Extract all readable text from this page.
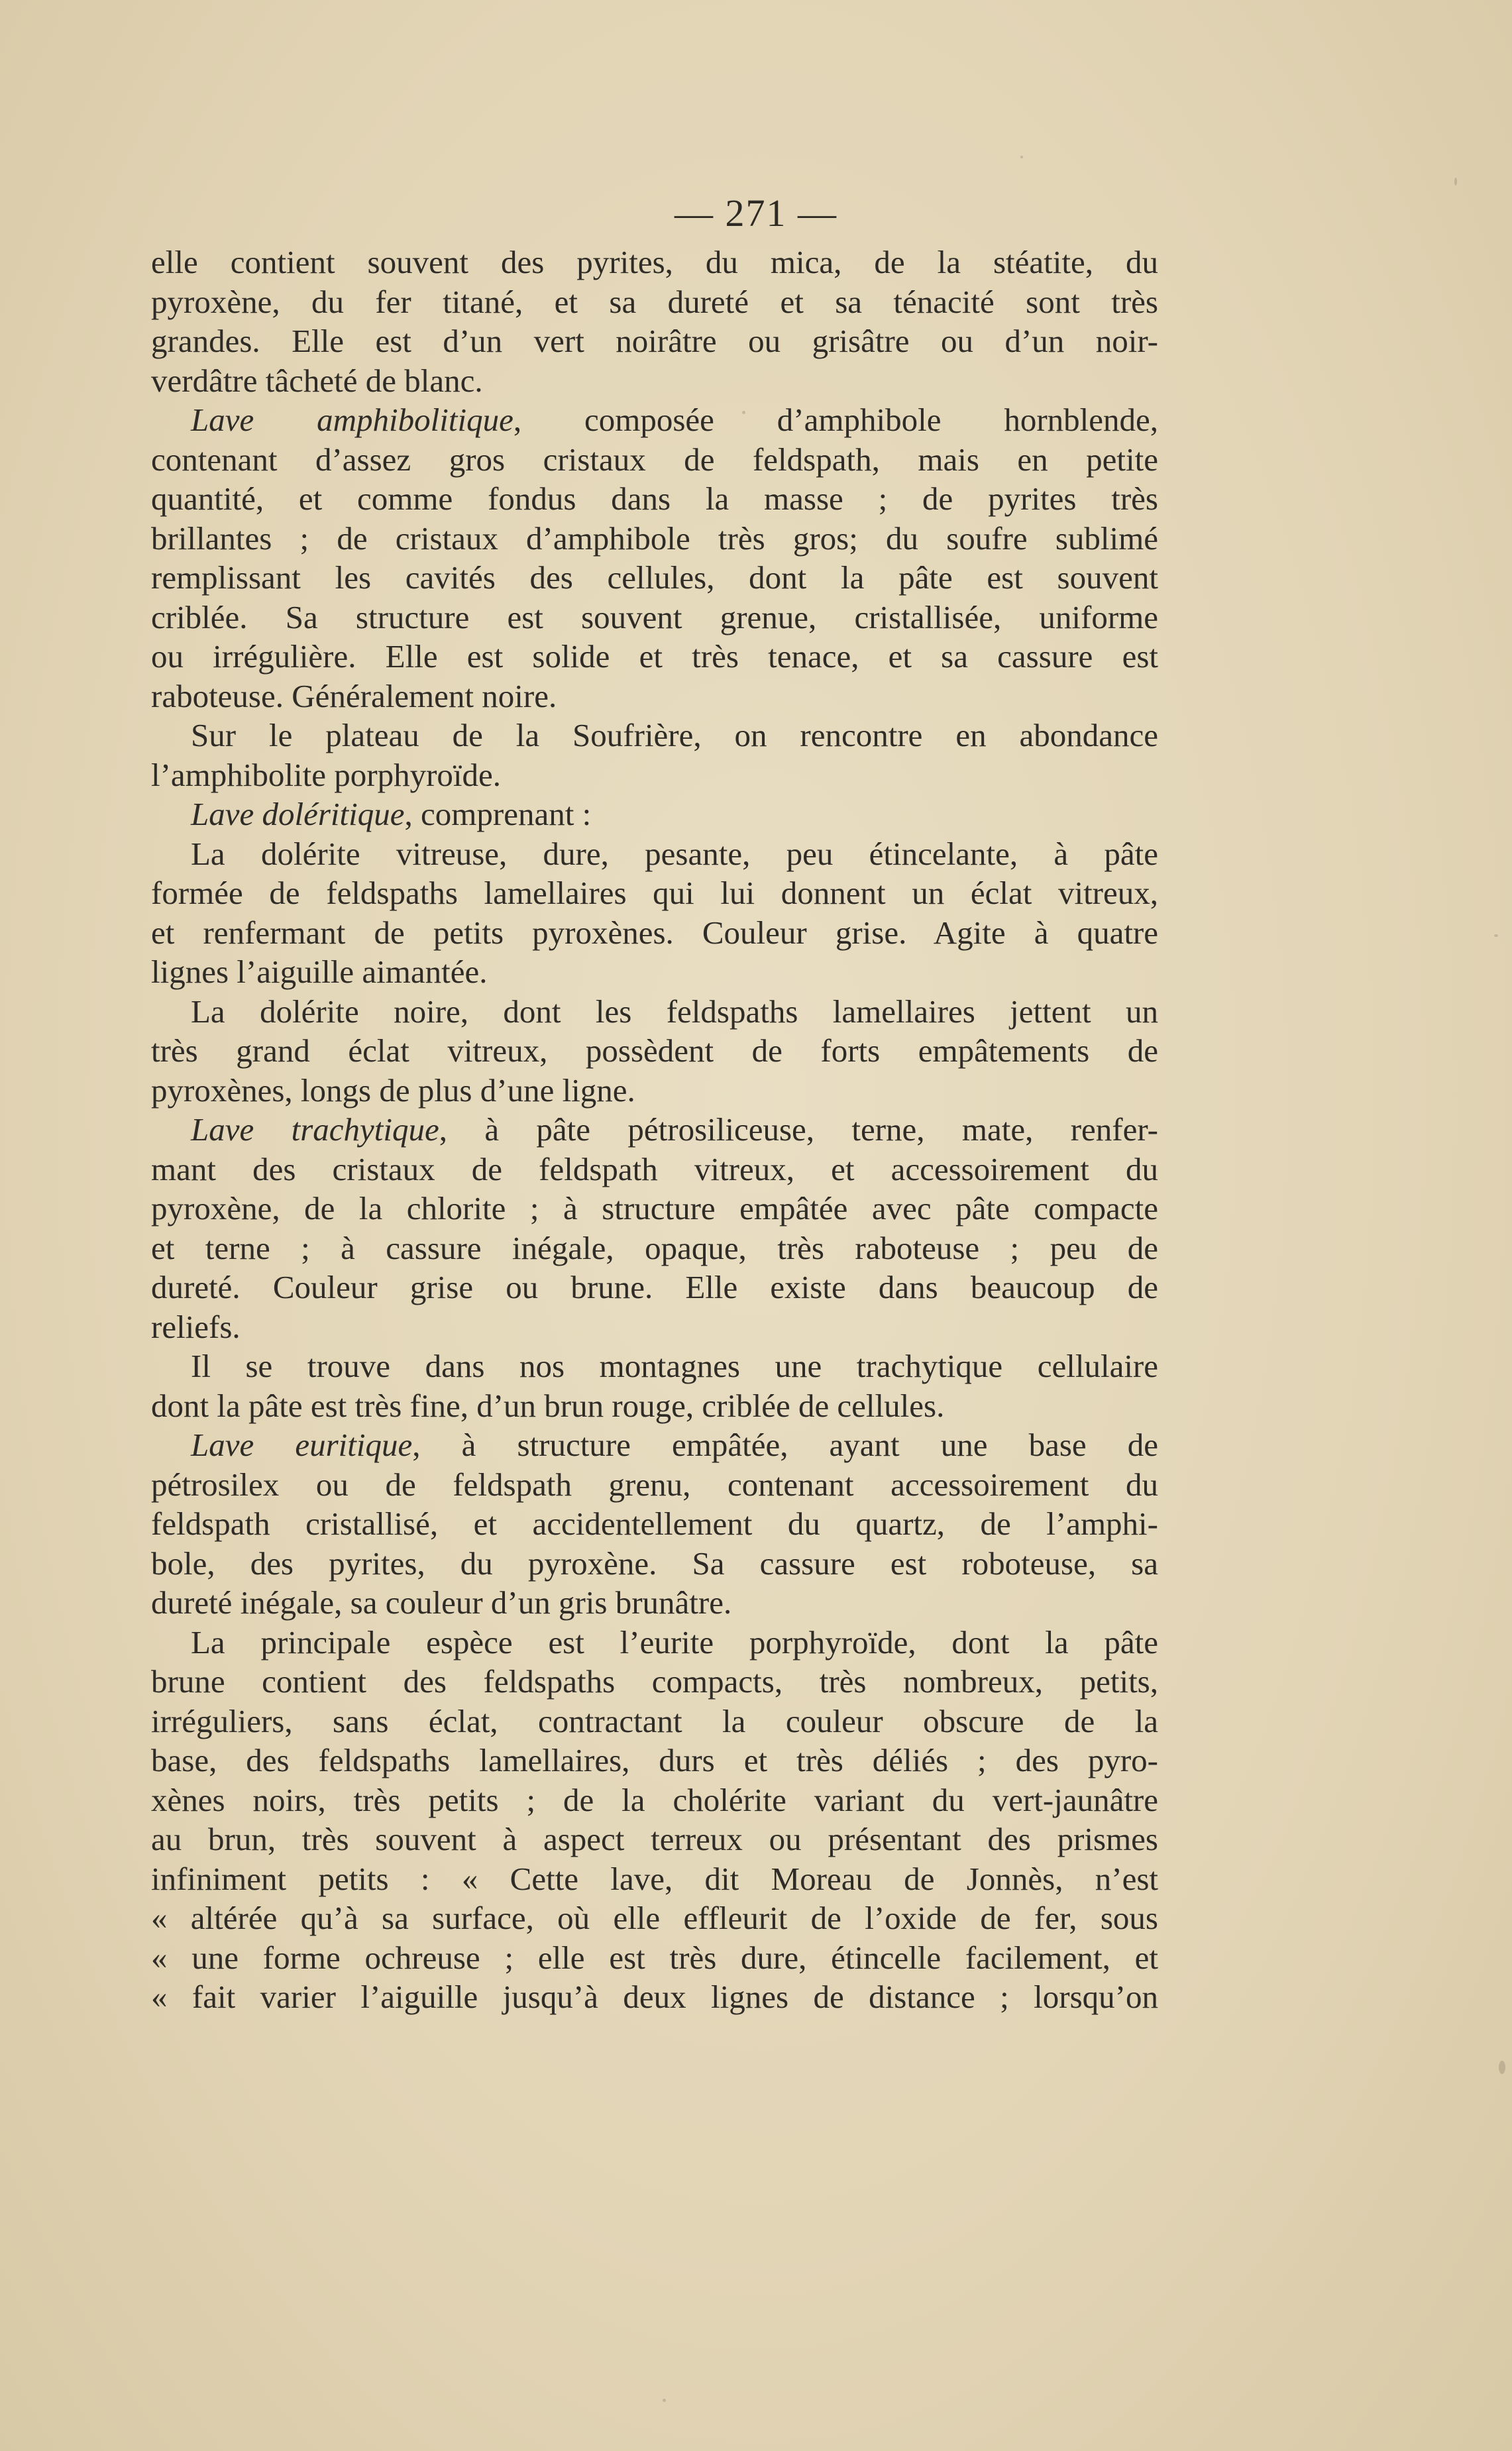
— 271 —
elle contient souvent des pyrites, du mica, de la stéatite, du
pyroxène, du fer titané, et sa dureté et sa ténacité sont très
grandes. Elle est d’un vert noirâtre ou grisâtre ou d’un noir-
verdâtre tâcheté de blanc.
Lave amphibolitique, composée d’amphibole hornblende,
contenant d’assez gros cristaux de feldspath, mais en petite
quantité, et comme fondus dans la masse ; de pyrites très
brillantes ; de cristaux d’amphibole très gros; du soufre sublimé
remplissant les cavités des cellules, dont la pâte est souvent
criblée. Sa structure est souvent grenue, cristallisée, uniforme
ou irrégulière. Elle est solide et très tenace, et sa cassure est
raboteuse. Généralement noire.
Sur le plateau de la Soufrière, on rencontre en abondance
l’amphibolite porphyroïde.
Lave doléritique, comprenant :
La dolérite vitreuse, dure, pesante, peu étincelante, à pâte
formée de feldspaths lamellaires qui lui donnent un éclat vitreux,
et renfermant de petits pyroxènes. Couleur grise. Agite à quatre
lignes l’aiguille aimantée.
La dolérite noire, dont les feldspaths lamellaires jettent un
très grand éclat vitreux, possèdent de forts empâtements de
pyroxènes, longs de plus d’une ligne.
Lave trachytique, à pâte pétrosiliceuse, terne, mate, renfer-
mant des cristaux de feldspath vitreux, et accessoirement du
pyroxène, de la chlorite ; à structure empâtée avec pâte compacte
et terne ; à cassure inégale, opaque, très raboteuse ; peu de
dureté. Couleur grise ou brune. Elle existe dans beaucoup de
reliefs.
Il se trouve dans nos montagnes une trachytique cellulaire
dont la pâte est très fine, d’un brun rouge, criblée de cellules.
Lave euritique, à structure empâtée, ayant une base de
pétrosilex ou de feldspath grenu, contenant accessoirement du
feldspath cristallisé, et accidentellement du quartz, de l’amphi-
bole, des pyrites, du pyroxène. Sa cassure est roboteuse, sa
dureté inégale, sa couleur d’un gris brunâtre.
La principale espèce est l’eurite porphyroïde, dont la pâte
brune contient des feldspaths compacts, très nombreux, petits,
irréguliers, sans éclat, contractant la couleur obscure de la
base, des feldspaths lamellaires, durs et très déliés ; des pyro-
xènes noirs, très petits ; de la cholérite variant du vert-jaunâtre
au brun, très souvent à aspect terreux ou présentant des prismes
infiniment petits : « Cette lave, dit Moreau de Jonnès, n’est
« altérée qu’à sa surface, où elle effleurit de l’oxide de fer, sous
« une forme ochreuse ; elle est très dure, étincelle facilement, et
« fait varier l’aiguille jusqu’à deux lignes de distance ; lorsqu’on
